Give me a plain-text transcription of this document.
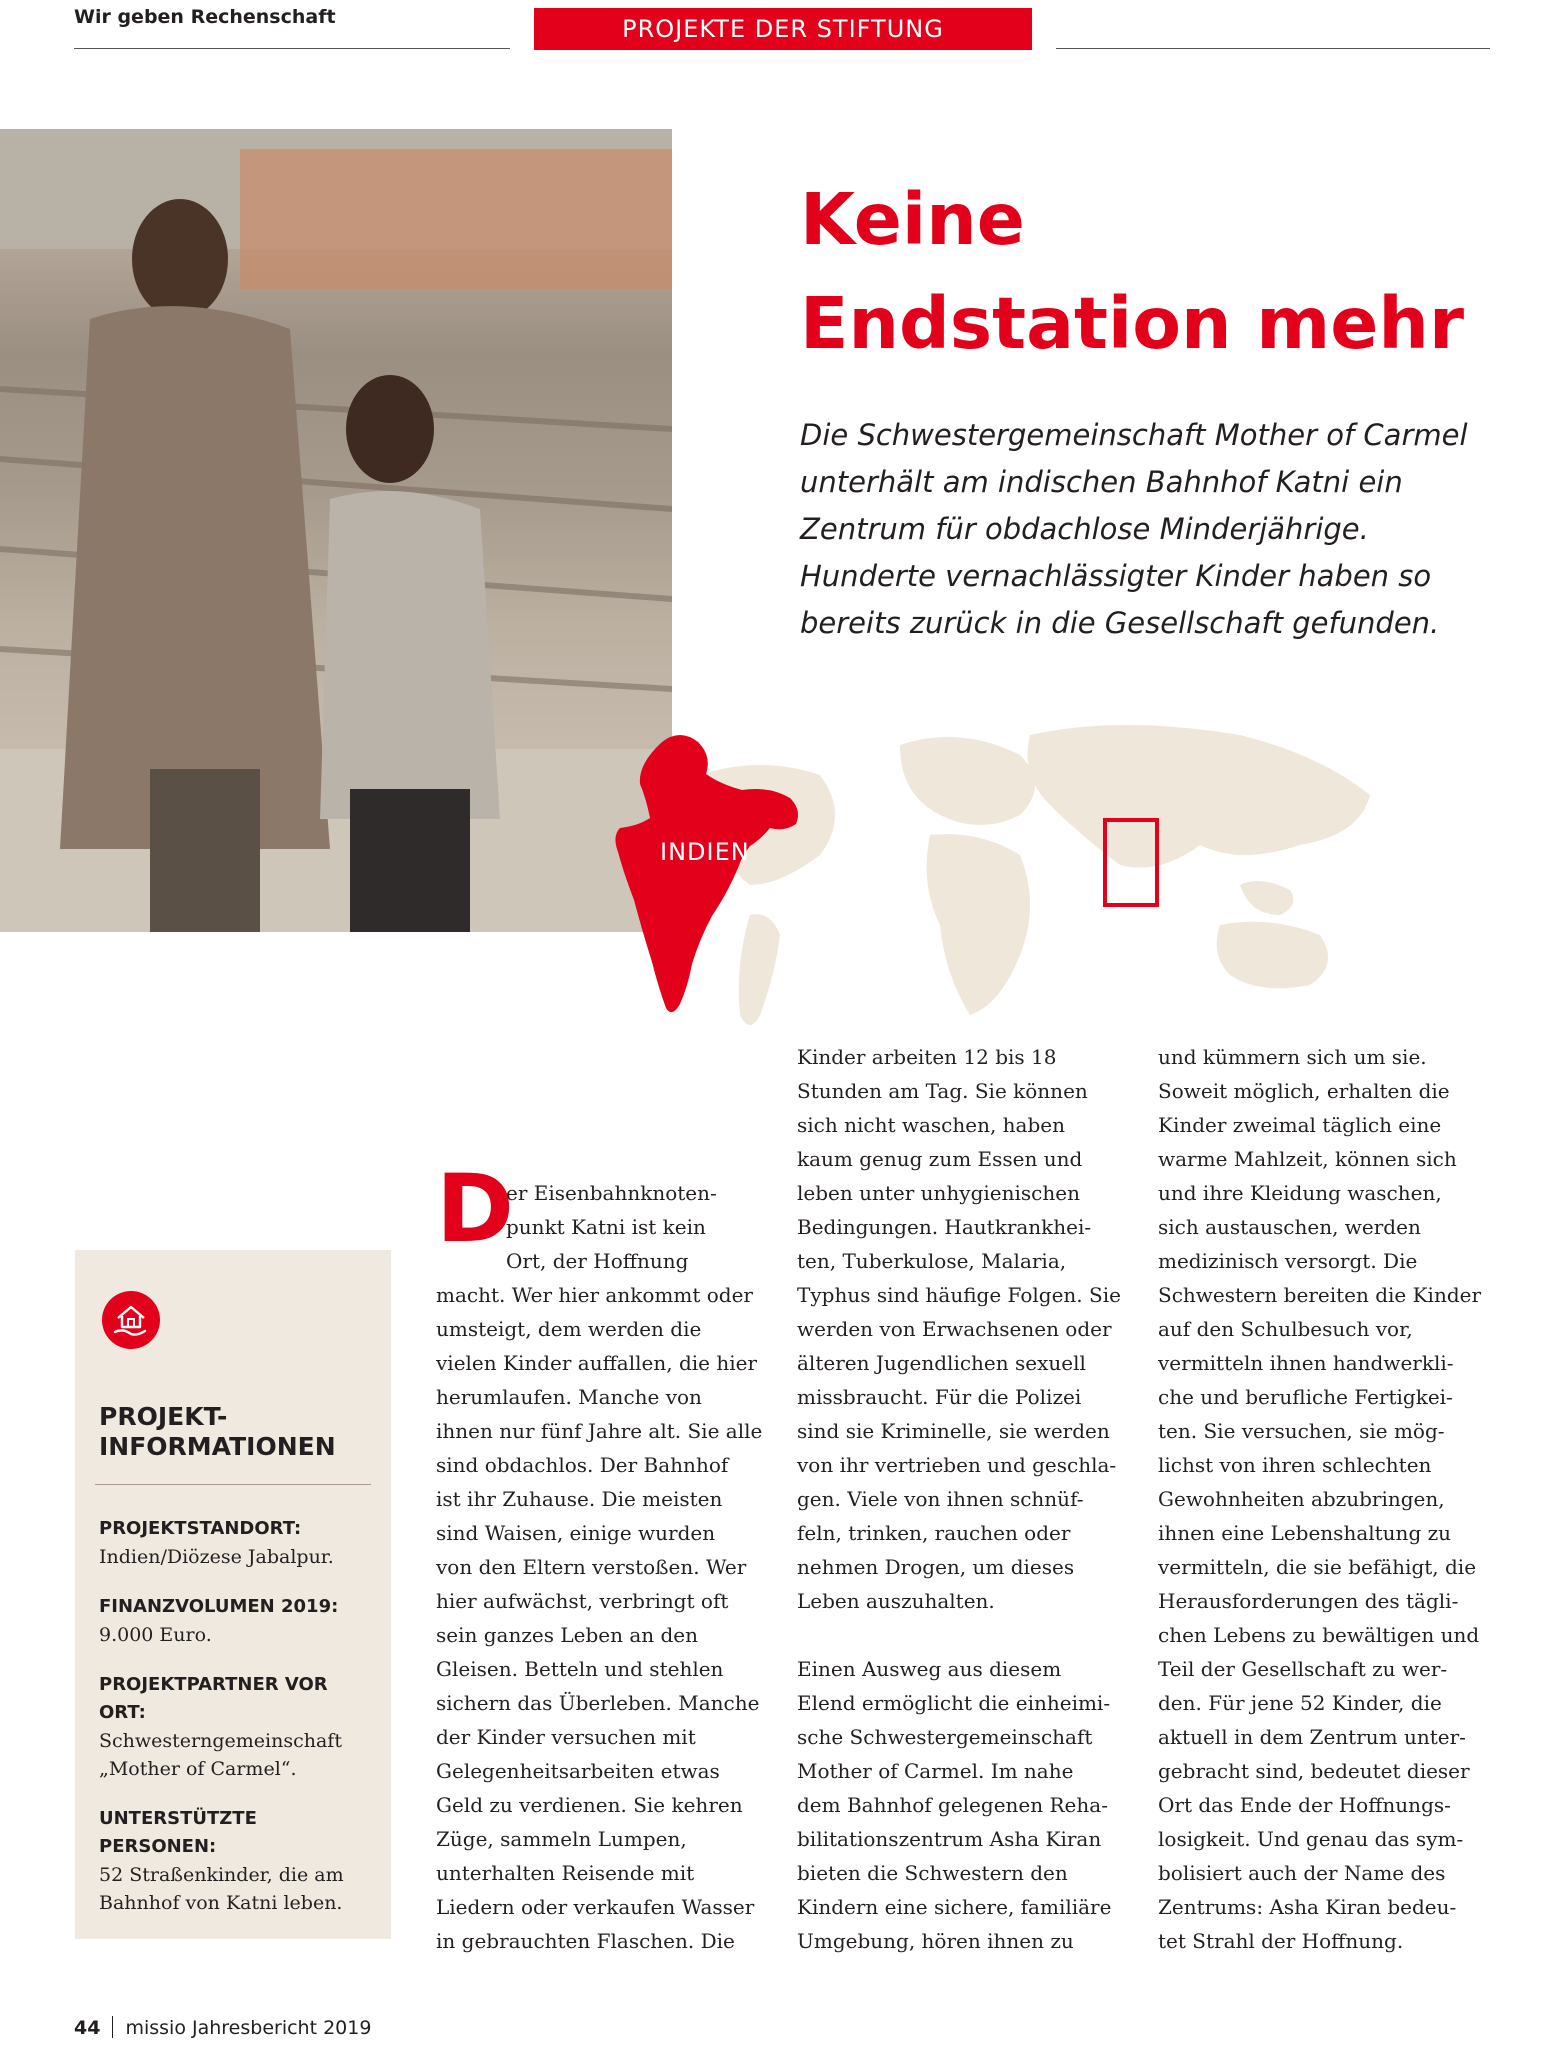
Wir geben Rechenschaft	PROJEKTE DER STIFTUNG
Keine
Endstation mehr
Die Schwestergemeinschaft Mother of Carmel unterhält am indischen Bahnhof Katni ein Zentrum für obdachlose Minderjährige. Hunderte vernachlässigter Kinder haben so bereits zurück in die Gesellschaft gefunden.
INDIEN
PROJEKT-
INFORMATIONEN
PROJEKTSTANDORT:
Indien/Diözese Jabalpur.
FINANZVOLUMEN 2019:
9.000 Euro.
PROJEKTPARTNER VOR ORT:
Schwesterngemeinschaft
„Mother of Carmel“.
UNTERSTÜTZTE PERSONEN:
52 Straßenkinder, die am
Bahnhof von Katni leben.
D
er Eisenbahnknoten-
punkt Katni ist kein
Ort, der Hoffnung
macht. Wer hier ankommt oder
umsteigt, dem werden die
vielen Kinder auffallen, die hier
herumlaufen. Manche von
ihnen nur fünf Jahre alt. Sie alle
sind obdachlos. Der Bahnhof
ist ihr Zuhause. Die meisten
sind Waisen, einige wurden
von den Eltern verstoßen. Wer
hier aufwächst, verbringt oft
sein ganzes Leben an den
Gleisen. Betteln und stehlen
sichern das Überleben. Manche
der Kinder versuchen mit
Gelegenheitsarbeiten etwas
Geld zu verdienen. Sie kehren
Züge, sammeln Lumpen,
unterhalten Reisende mit
Liedern oder verkaufen Wasser
in gebrauchten Flaschen. Die
Kinder arbeiten 12 bis 18
Stunden am Tag. Sie können
sich nicht waschen, haben
kaum genug zum Essen und
leben unter unhygienischen
Bedingungen. Hautkrankhei-
ten, Tuberkulose, Malaria,
Typhus sind häufige Folgen. Sie
werden von Erwachsenen oder
älteren Jugendlichen sexuell
missbraucht. Für die Polizei
sind sie Kriminelle, sie werden
von ihr vertrieben und geschla-
gen. Viele von ihnen schnüf-
feln, trinken, rauchen oder
nehmen Drogen, um dieses
Leben auszuhalten.
Einen Ausweg aus diesem
Elend ermöglicht die einheimi-
sche Schwestergemeinschaft
Mother of Carmel. Im nahe
dem Bahnhof gelegenen Reha-
bilitationszentrum Asha Kiran
bieten die Schwestern den
Kindern eine sichere, familiäre
Umgebung, hören ihnen zu
und kümmern sich um sie.
Soweit möglich, erhalten die
Kinder zweimal täglich eine
warme Mahlzeit, können sich
und ihre Kleidung waschen,
sich austauschen, werden
medizinisch versorgt. Die
Schwestern bereiten die Kinder
auf den Schulbesuch vor,
vermitteln ihnen handwerkli-
che und berufliche Fertigkei-
ten. Sie versuchen, sie mög-
lichst von ihren schlechten
Gewohnheiten abzubringen,
ihnen eine Lebenshaltung zu
vermitteln, die sie befähigt, die
Herausforderungen des tägli-
chen Lebens zu bewältigen und
Teil der Gesellschaft zu wer-
den. Für jene 52 Kinder, die
aktuell in dem Zentrum unter-
gebracht sind, bedeutet dieser
Ort das Ende der Hoffnungs-
losigkeit. Und genau das sym-
bolisiert auch der Name des
Zentrums: Asha Kiran bedeu-
tet Strahl der Hoffnung.
44 missio Jahresbericht 2019
